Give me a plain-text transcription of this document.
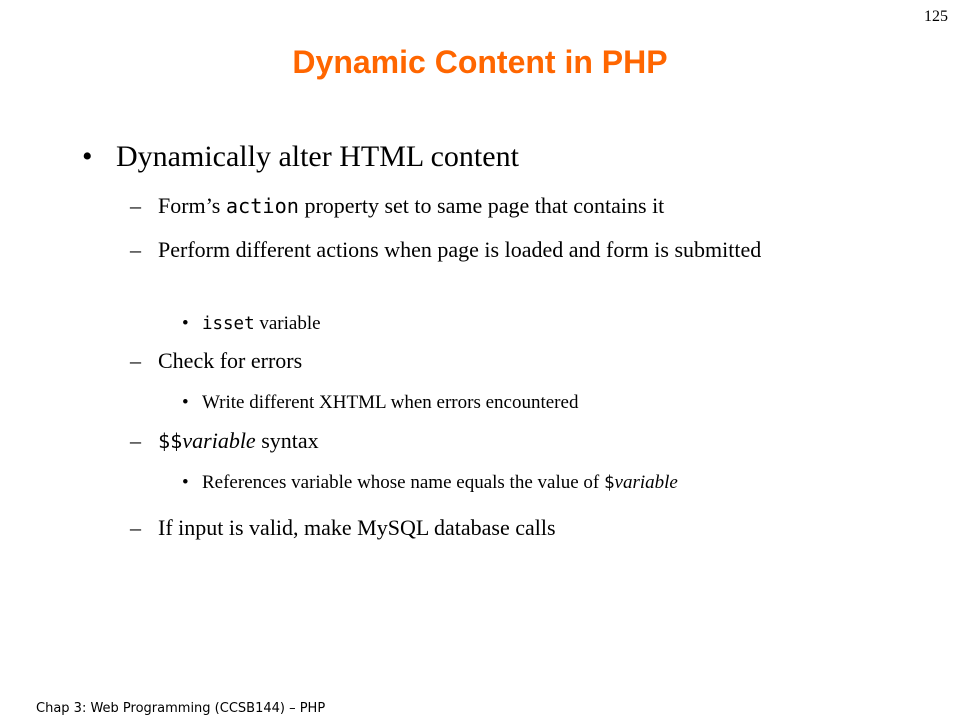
125
Dynamic Content in PHP
• Dynamically alter HTML content
– Form’s action property set to same page that contains it
– Perform different actions when page is loaded and form is submitted
• isset variable
– Check for errors
• Write different XHTML when errors encountered
– $$variable syntax
• References variable whose name equals the value of $variable
– If input is valid, make MySQL database calls
Chap 3: Web Programming (CCSB144) – PHP
